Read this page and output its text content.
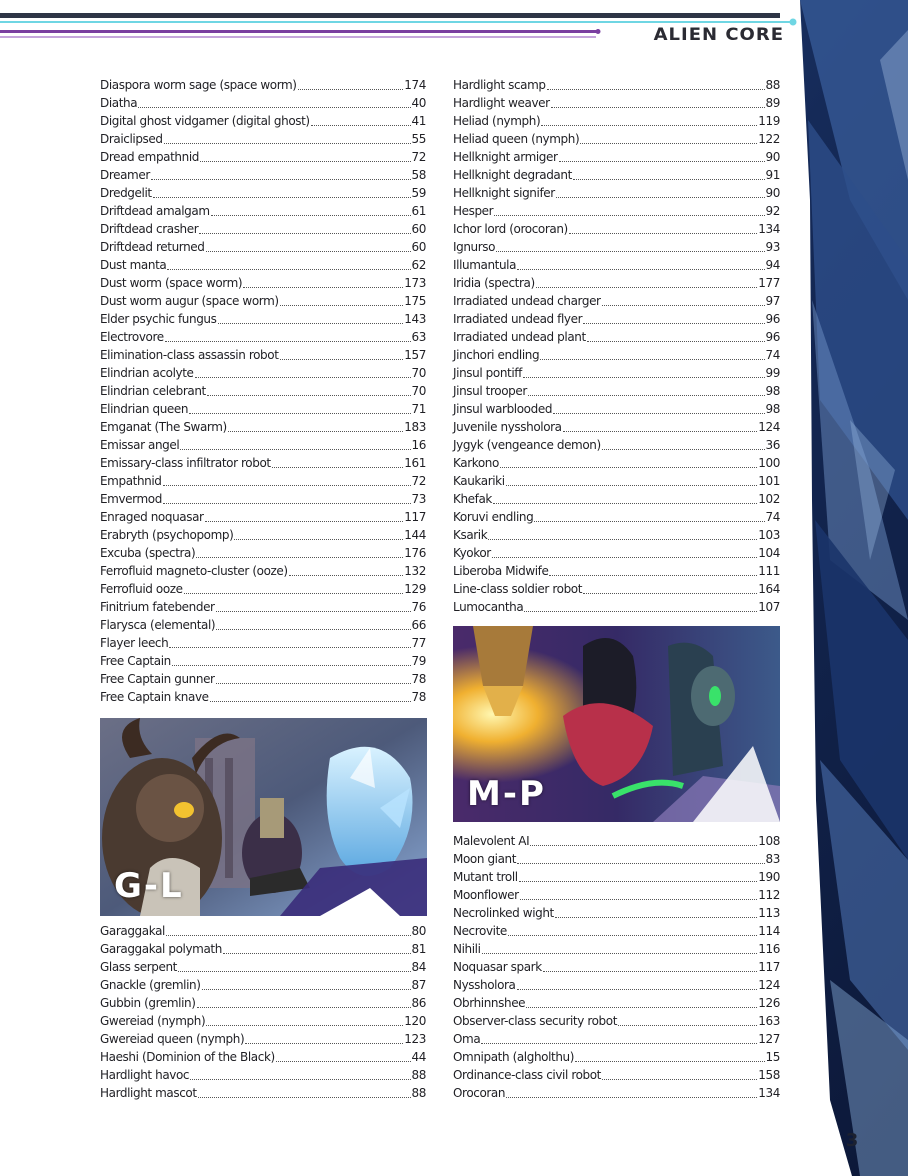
ALIEN CORE
Diaspora worm sage (space worm)	174
Diatha	40
Digital ghost vidgamer (digital ghost)	41
Draiclipsed	55
Dread empathnid	72
Dreamer	58
Dredgelit	59
Driftdead amalgam	61
Driftdead crasher	60
Driftdead returned	60
Dust manta	62
Dust worm (space worm)	173
Dust worm augur (space worm)	175
Elder psychic fungus	143
Electrovore	63
Elimination-class assassin robot	157
Elindrian acolyte	70
Elindrian celebrant	70
Elindrian queen	71
Emganat (The Swarm)	183
Emissar angel	16
Emissary-class infiltrator robot	161
Empathnid	72
Emvermod	73
Enraged noquasar	117
Erabryth (psychopomp)	144
Excuba (spectra)	176
Ferrofluid magneto-cluster (ooze)	132
Ferrofluid ooze	129
Finitrium fatebender	76
Flarysca (elemental)	66
Flayer leech	77
Free Captain	79
Free Captain gunner	78
Free Captain knave	78
G-L
Garaggakal	80
Garaggakal polymath	81
Glass serpent	84
Gnackle (gremlin)	87
Gubbin (gremlin)	86
Gwereiad (nymph)	120
Gwereiad queen (nymph)	123
Haeshi (Dominion of the Black)	44
Hardlight havoc	88
Hardlight mascot	88
Hardlight scamp	88
Hardlight weaver	89
Heliad (nymph)	119
Heliad queen (nymph)	122
Hellknight armiger	90
Hellknight degradant	91
Hellknight signifer	90
Hesper	92
Ichor lord (orocoran)	134
Ignurso	93
Illumantula	94
Iridia (spectra)	177
Irradiated undead charger	97
Irradiated undead flyer	96
Irradiated undead plant	96
Jinchori endling	74
Jinsul pontiff	99
Jinsul trooper	98
Jinsul warblooded	98
Juvenile nyssholora	124
Jygyk (vengeance demon)	36
Karkono	100
Kaukariki	101
Khefak	102
Koruvi endling	74
Ksarik	103
Kyokor	104
Liberoba Midwife	111
Line-class soldier robot	164
Lumocantha	107
M-P
Malevolent AI	108
Moon giant	83
Mutant troll	190
Moonflower	112
Necrolinked wight	113
Necrovite	114
Nihili	116
Noquasar spark	117
Nyssholora	124
Obrhinnshee	126
Observer-class security robot	163
Oma	127
Omnipath (algholthu)	15
Ordinance-class civil robot	158
Orocoran	134
3
